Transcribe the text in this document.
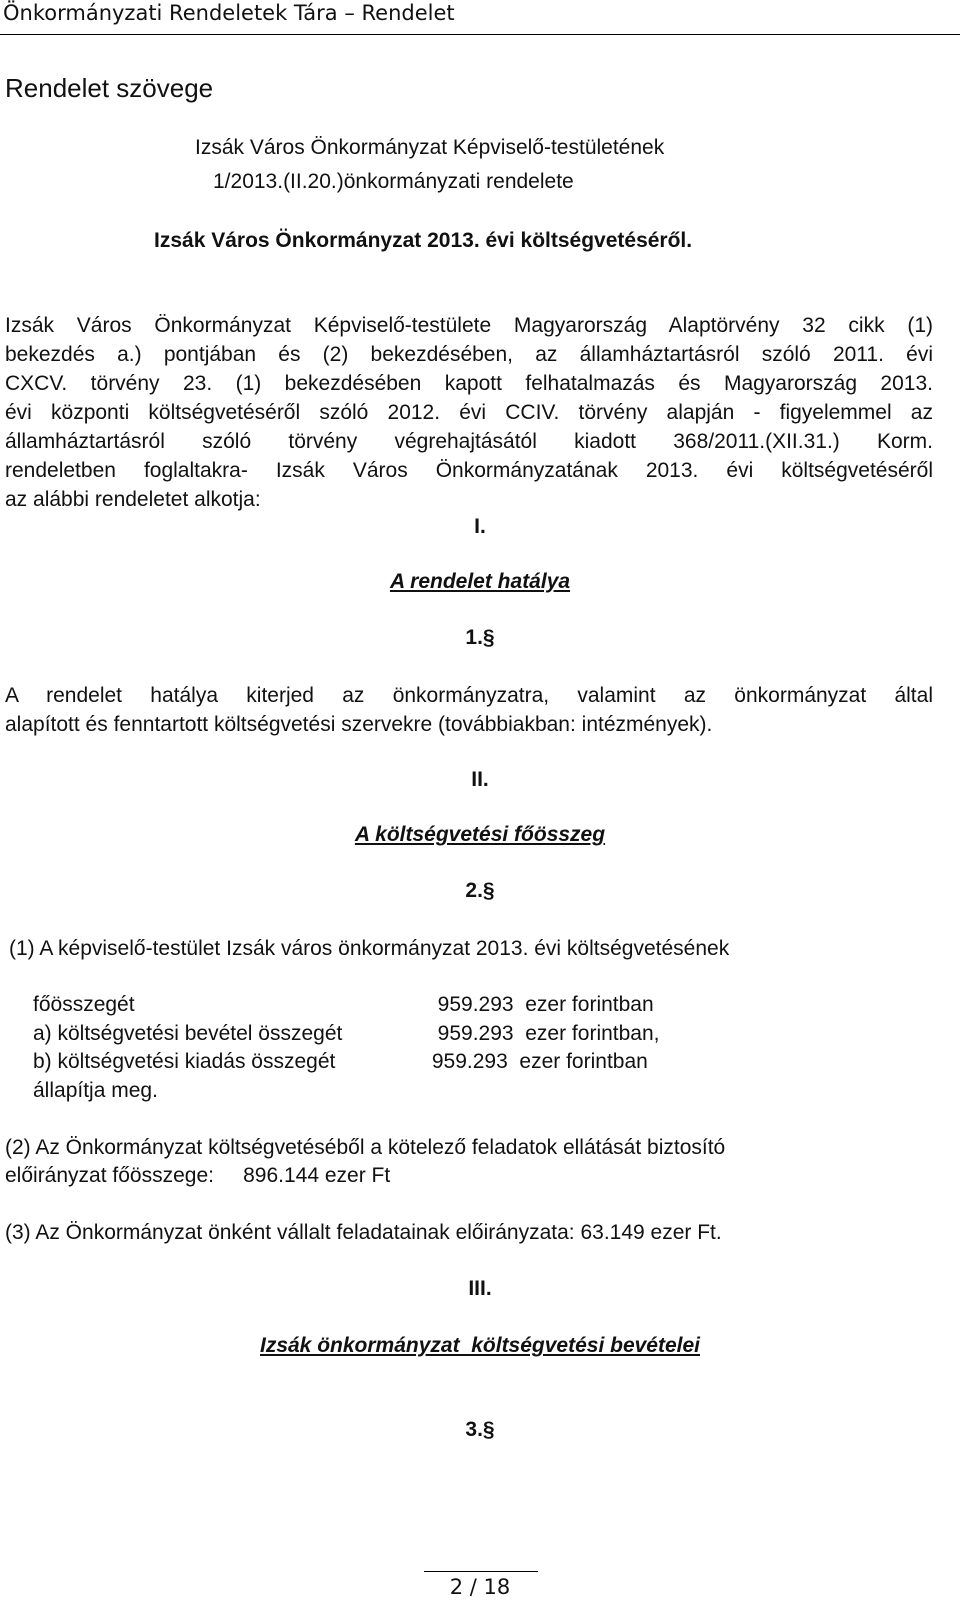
Önkormányzati Rendeletek Tára – Rendelet
Rendelet szövege
Izsák Város Önkormányzat Képviselő-testületének
1/2013.(II.20.)önkormányzati rendelete
Izsák Város Önkormányzat 2013. évi költségvetéséről.
Izsák Város Önkormányzat Képviselő-testülete Magyarország Alaptörvény 32 cikk (1)
bekezdés a.) pontjában és (2) bekezdésében, az államháztartásról szóló 2011. évi
CXCV. törvény 23. (1) bekezdésében kapott felhatalmazás és Magyarország 2013.
évi központi költségvetéséről szóló 2012. évi CCIV. törvény alapján - figyelemmel az
államháztartásról szóló törvény végrehajtásától kiadott 368/2011.(XII.31.) Korm.
rendeletben foglaltakra- Izsák Város Önkormányzatának 2013. évi költségvetéséről
az alábbi rendeletet alkotja:
I.
A rendelet hatálya
1.§
A rendelet hatálya kiterjed az önkormányzatra, valamint az önkormányzat által
alapított és fenntartott költségvetési szervekre (továbbiakban: intézmények).
II.
A költségvetési főösszeg
2.§
(1) A képviselő-testület Izsák város önkormányzat 2013. évi költségvetésének
főösszegét	959.293  ezer forintban
a) költségvetési bevétel összegét	959.293  ezer forintban,
b) költségvetési kiadás összegét	959.293  ezer forintban
állapítja meg.
(2) Az Önkormányzat költségvetéséből a kötelező feladatok ellátását biztosító
előirányzat főösszege:     896.144 ezer Ft
(3) Az Önkormányzat önként vállalt feladatainak előirányzata: 63.149 ezer Ft.
III.
Izsák önkormányzat  költségvetési bevételei
3.§
2 / 18
